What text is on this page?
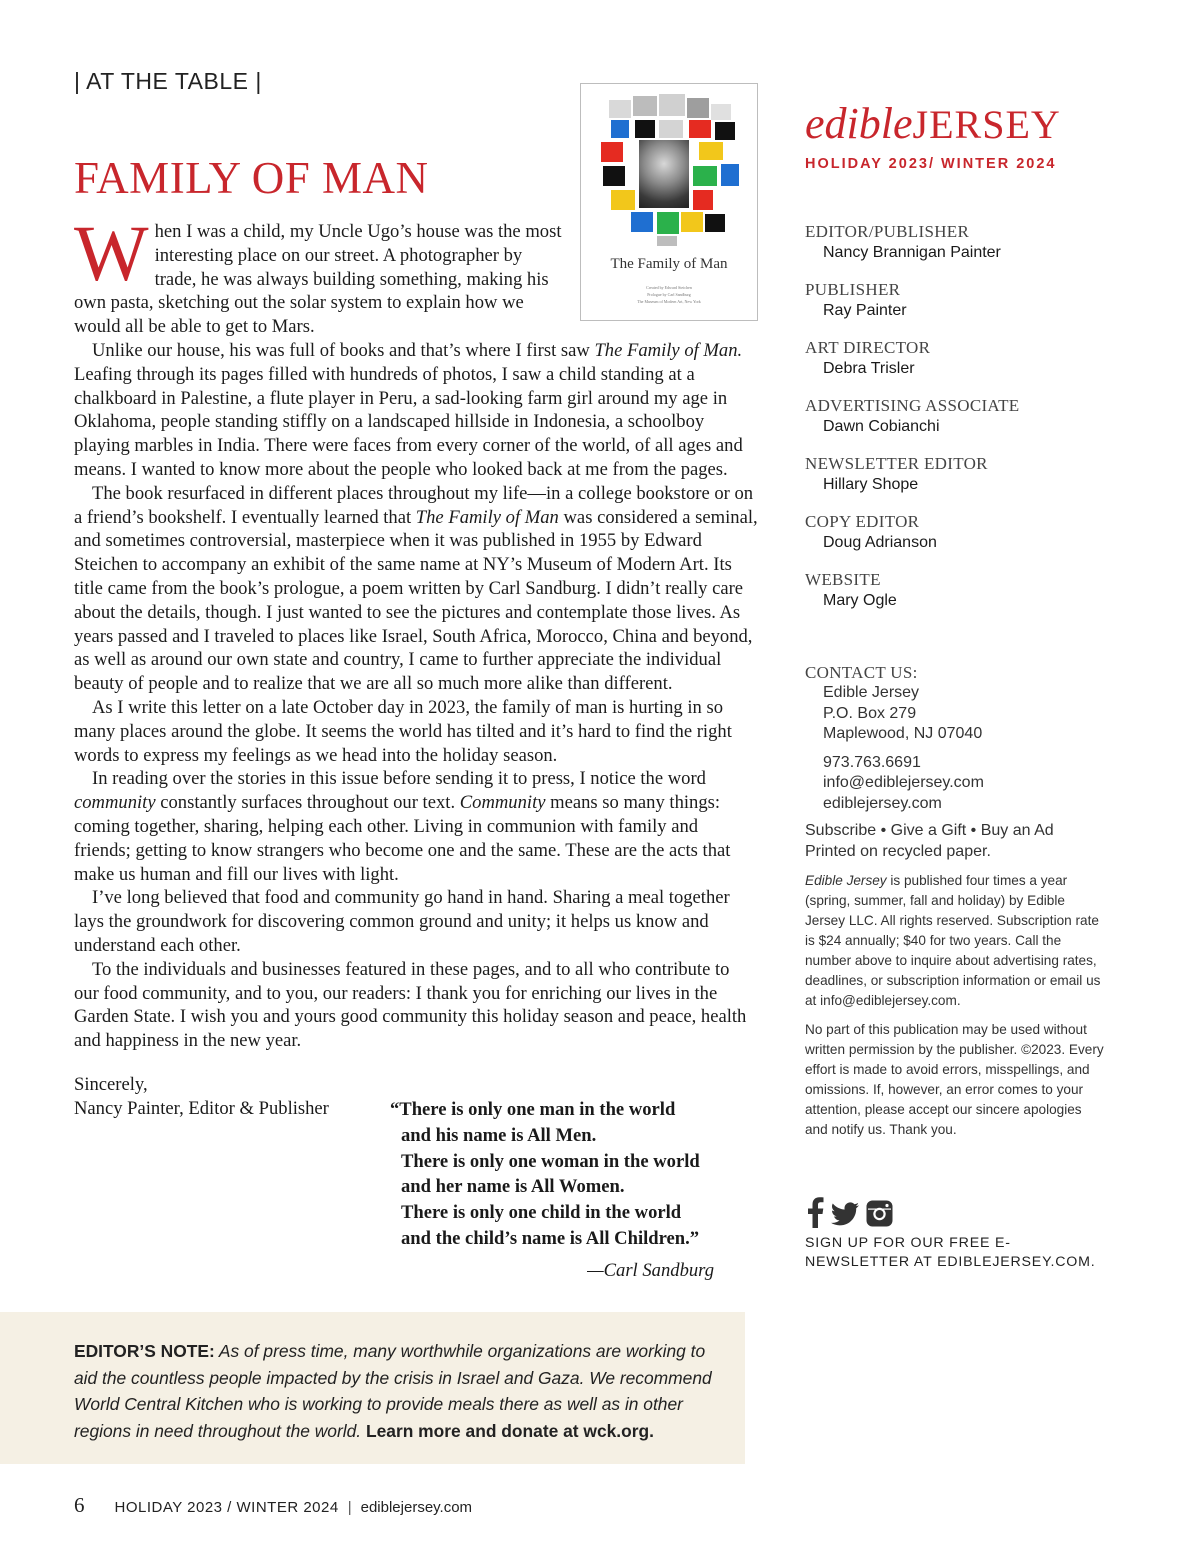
| AT THE TABLE |
FAMILY OF MAN
The Family of Man
Created by Edward Steichen
Prologue by Carl Sandburg
The Museum of Modern Art, New York

When I was a child, my Uncle Ugo’s house was the most interesting place on our street. A photographer by trade, he was always building something, making his own pasta, sketching out the solar system to explain how we would all be able to get to Mars.

Unlike our house, his was full of books and that’s where I first saw The Family of Man. Leafing through its pages filled with hundreds of photos, I saw a child standing at a chalkboard in Palestine, a flute player in Peru, a sad-looking farm girl around my age in Oklahoma, people standing stiffly on a landscaped hillside in Indonesia, a schoolboy playing marbles in India. There were faces from every corner of the world, of all ages and means. I wanted to know more about the people who looked back at me from the pages.

The book resurfaced in different places throughout my life—in a college bookstore or on a friend’s bookshelf. I eventually learned that The Family of Man was considered a seminal, and sometimes controversial, masterpiece when it was published in 1955 by Edward Steichen to accompany an exhibit of the same name at NY’s Museum of Modern Art. Its title came from the book’s prologue, a poem written by Carl Sandburg. I didn’t really care about the details, though. I just wanted to see the pictures and contemplate those lives. As years passed and I traveled to places like Israel, South Africa, Morocco, China and beyond, as well as around our own state and country, I came to further appreciate the individual beauty of people and to realize that we are all so much more alike than different.

As I write this letter on a late October day in 2023, the family of man is hurting in so many places around the globe. It seems the world has tilted and it’s hard to find the right words to express my feelings as we head into the holiday season.

In reading over the stories in this issue before sending it to press, I notice the word community constantly surfaces throughout our text. Community means so many things: coming together, sharing, helping each other. Living in communion with family and friends; getting to know strangers who become one and the same. These are the acts that make us human and fill our lives with light.

I’ve long believed that food and community go hand in hand. Sharing a meal together lays the groundwork for discovering common ground and unity; it helps us know and understand each other.

To the individuals and businesses featured in these pages, and to all who contribute to our food community, and to you, our readers: I thank you for enriching our lives in the Garden State. I wish you and yours good community this holiday season and peace, health and happiness in the new year.

Sincerely,
Nancy Painter, Editor & Publisher	“There is only one man in the world
and his name is All Men.
There is only one woman in the world
and her name is All Women.
There is only one child in the world
and the child’s name is All Children.”
—Carl Sandburg
EDITOR’S NOTE: As of press time, many worthwhile organizations are working to aid the countless people impacted by the crisis in Israel and Gaza. We recommend World Central Kitchen who is working to provide meals there as well as in other regions in need throughout the world. Learn more and donate at wck.org.
6 HOLIDAY 2023 / WINTER 2024 | ediblejersey.com
edibleJERSEY
HOLIDAY 2023/ WINTER 2024
EDITOR/PUBLISHER
Nancy Brannigan Painter
PUBLISHER
Ray Painter
ART DIRECTOR
Debra Trisler
ADVERTISING ASSOCIATE
Dawn Cobianchi
NEWSLETTER EDITOR
Hillary Shope
COPY EDITOR
Doug Adrianson
WEBSITE
Mary Ogle
CONTACT US:
Edible Jersey
P.O. Box 279
Maplewood, NJ 07040
973.763.6691
info@ediblejersey.com
ediblejersey.com
Subscribe • Give a Gift • Buy an Ad
Printed on recycled paper.
Edible Jersey is published four times a year (spring, summer, fall and holiday) by Edible Jersey LLC. All rights reserved. Subscription rate is $24 annually; $40 for two years. Call the number above to inquire about advertising rates, deadlines, or subscription information or email us at info@ediblejersey.com.
No part of this publication may be used without written permission by the publisher. ©2023. Every effort is made to avoid errors, misspellings, and omissions. If, however, an error comes to your attention, please accept our sincere apologies and notify us. Thank you.
SIGN UP FOR OUR FREE E-NEWSLETTER AT EDIBLEJERSEY.COM.
